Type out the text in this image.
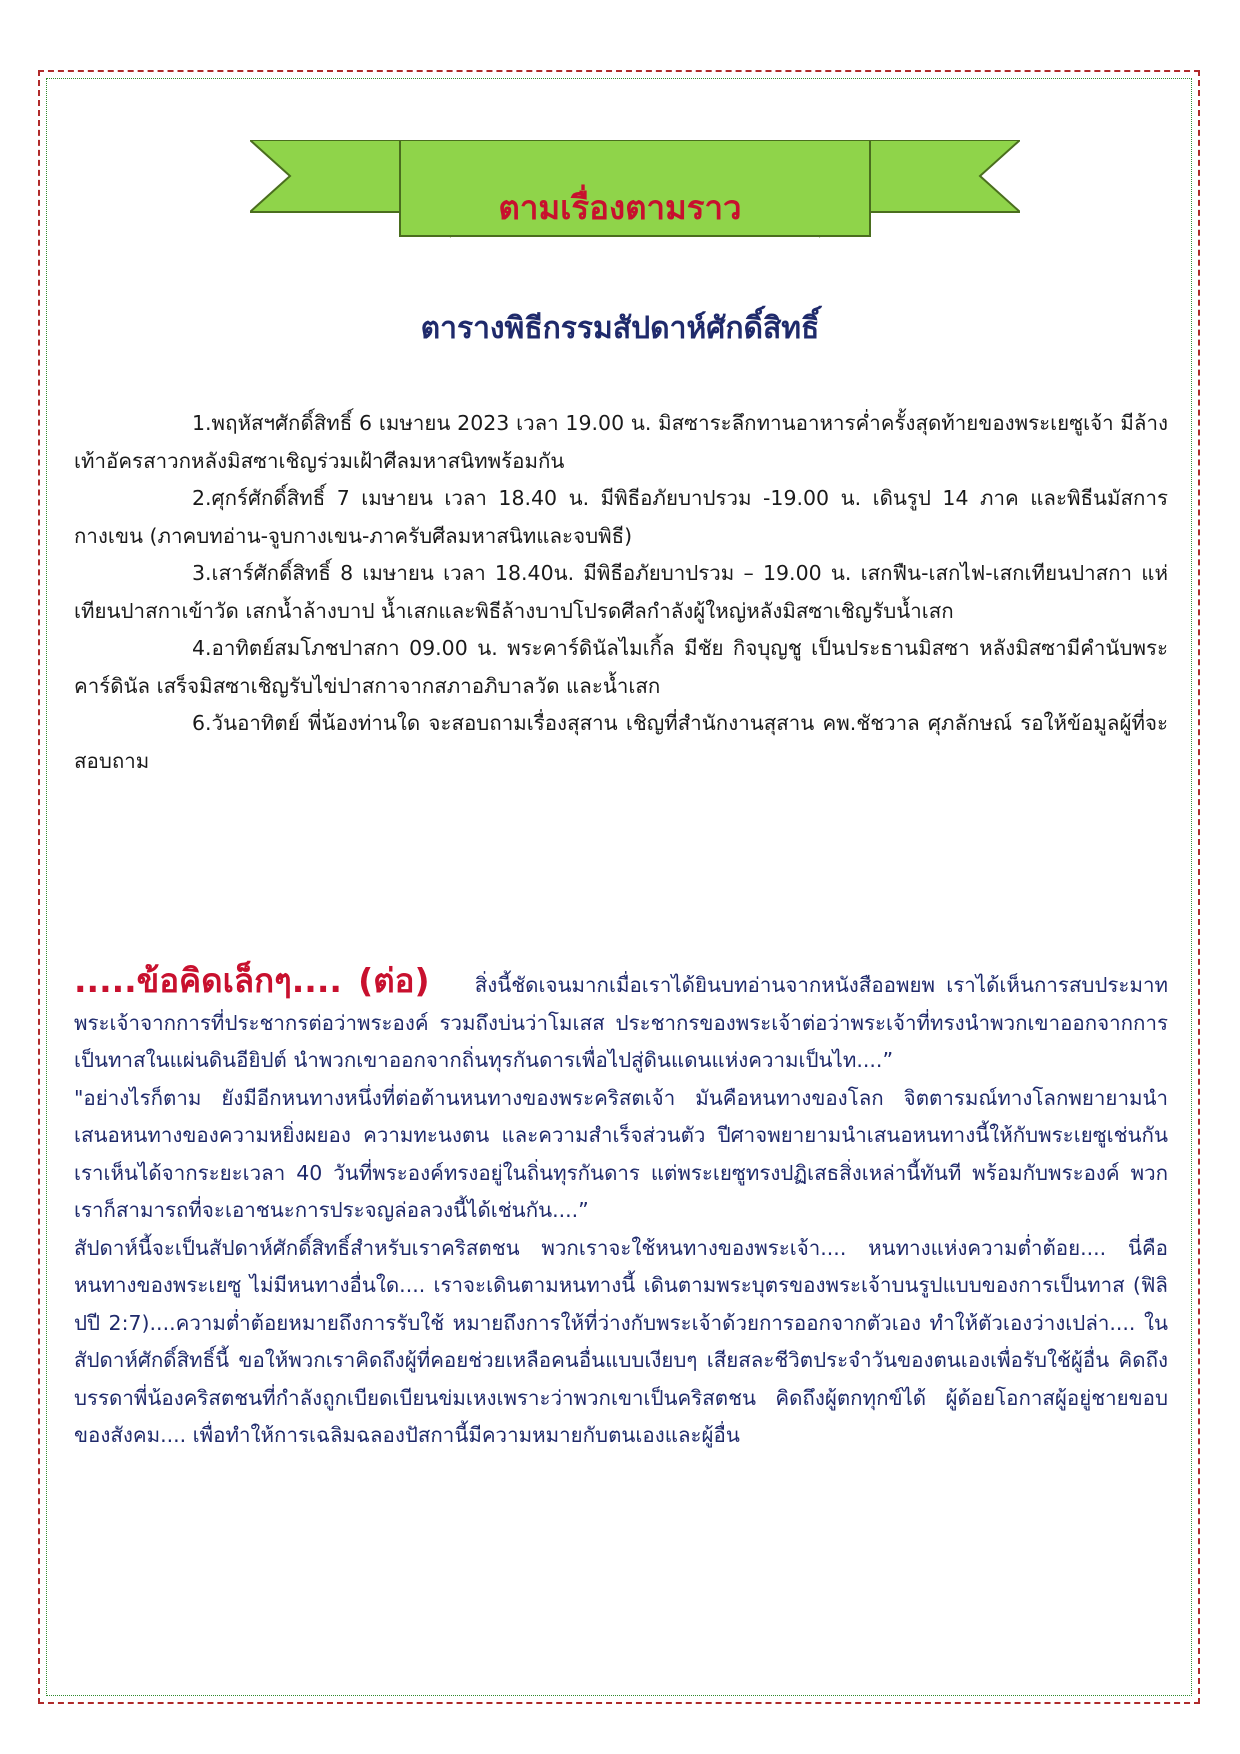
ตามเรื่องตามราว
ตารางพิธีกรรมสัปดาห์ศักดิ์สิทธิ์

1.พฤหัสฯศักดิ์สิทธิ์ 6 เมษายน 2023 เวลา 19.00 น. มิสซาระลึกทานอาหารค่ำครั้งสุดท้ายของพระเยซูเจ้า มีล้างเท้าอัครสาวกหลังมิสซาเชิญร่วมเฝ้าศีลมหาสนิทพร้อมกัน

2.ศุกร์ศักดิ์สิทธิ์ 7 เมษายน เวลา 18.40 น. มีพิธีอภัยบาปรวม -19.00 น. เดินรูป 14 ภาค และพิธีนมัสการกางเขน (ภาคบทอ่าน-จูบกางเขน-ภาครับศีลมหาสนิทและจบพิธี)

3.เสาร์ศักดิ์สิทธิ์ 8 เมษายน เวลา 18.40น. มีพิธีอภัยบาปรวม – 19.00 น. เสกฟืน-เสกไฟ-เสกเทียนปาสกา แห่เทียนปาสกาเข้าวัด เสกน้ำล้างบาป น้ำเสกและพิธีล้างบาปโปรดศีลกำลังผู้ใหญ่หลังมิสซาเชิญรับน้ำเสก

4.อาทิตย์สมโภชปาสกา 09.00 น. พระคาร์ดินัลไมเกิ้ล มีชัย กิจบุญชู เป็นประธานมิสซา หลังมิสซามีคำนับพระคาร์ดินัล เสร็จมิสซาเชิญรับไข่ปาสกาจากสภาอภิบาลวัด และน้ำเสก

6.วันอาทิตย์ พี่น้องท่านใด จะสอบถามเรื่องสุสาน เชิญที่สำนักงานสุสาน คพ.ชัชวาล ศุภลักษณ์ รอให้ข้อมูลผู้ที่จะสอบถาม

.....ข้อคิดเล็กๆ.... (ต่อ) สิ่งนี้ชัดเจนมากเมื่อเราได้ยินบทอ่านจากหนังสืออพยพ เราได้เห็นการสบประมาทพระเจ้าจากการที่ประชากรต่อว่าพระองค์ รวมถึงบ่นว่าโมเสส ประชากรของพระเจ้าต่อว่าพระเจ้าที่ทรงนำพวกเขาออกจากการเป็นทาสในแผ่นดินอียิปต์ นำพวกเขาออกจากถิ่นทุรกันดารเพื่อไปสู่ดินแดนแห่งความเป็นไท....”

"อย่างไรก็ตาม ยังมีอีกหนทางหนึ่งที่ต่อต้านหนทางของพระคริสตเจ้า มันคือหนทางของโลก จิตตารมณ์ทางโลกพยายามนำเสนอหนทางของความหยิ่งผยอง ความทะนงตน และความสำเร็จส่วนตัว ปีศาจพยายามนำเสนอหนทางนี้ให้กับพระเยซูเช่นกัน เราเห็นได้จากระยะเวลา 40 วันที่พระองค์ทรงอยู่ในถิ่นทุรกันดาร แต่พระเยซูทรงปฏิเสธสิ่งเหล่านี้ทันที พร้อมกับพระองค์ พวกเราก็สามารถที่จะเอาชนะการประจญล่อลวงนี้ได้เช่นกัน....”

สัปดาห์นี้จะเป็นสัปดาห์ศักดิ์สิทธิ์สำหรับเราคริสตชน พวกเราจะใช้หนทางของพระเจ้า.... หนทางแห่งความต่ำต้อย.... นี่คือหนทางของพระเยซู ไม่มีหนทางอื่นใด.... เราจะเดินตามหนทางนี้ เดินตามพระบุตรของพระเจ้าบนรูปแบบของการเป็นทาส (ฟิลิปปี 2:7)....ความต่ำต้อยหมายถึงการรับใช้ หมายถึงการให้ที่ว่างกับพระเจ้าด้วยการออกจากตัวเอง ทำให้ตัวเองว่างเปล่า.... ในสัปดาห์ศักดิ์สิทธิ์นี้ ขอให้พวกเราคิดถึงผู้ที่คอยช่วยเหลือคนอื่นแบบเงียบๆ เสียสละชีวิตประจำวันของตนเองเพื่อรับใช้ผู้อื่น คิดถึงบรรดาพี่น้องคริสตชนที่กำลังถูกเบียดเบียนข่มเหงเพราะว่าพวกเขาเป็นคริสตชน คิดถึงผู้ตกทุกข์ได้ ผู้ด้อยโอกาสผู้อยู่ชายขอบของสังคม.... เพื่อทำให้การเฉลิมฉลองปัสกานี้มีความหมายกับตนเองและผู้อื่น
